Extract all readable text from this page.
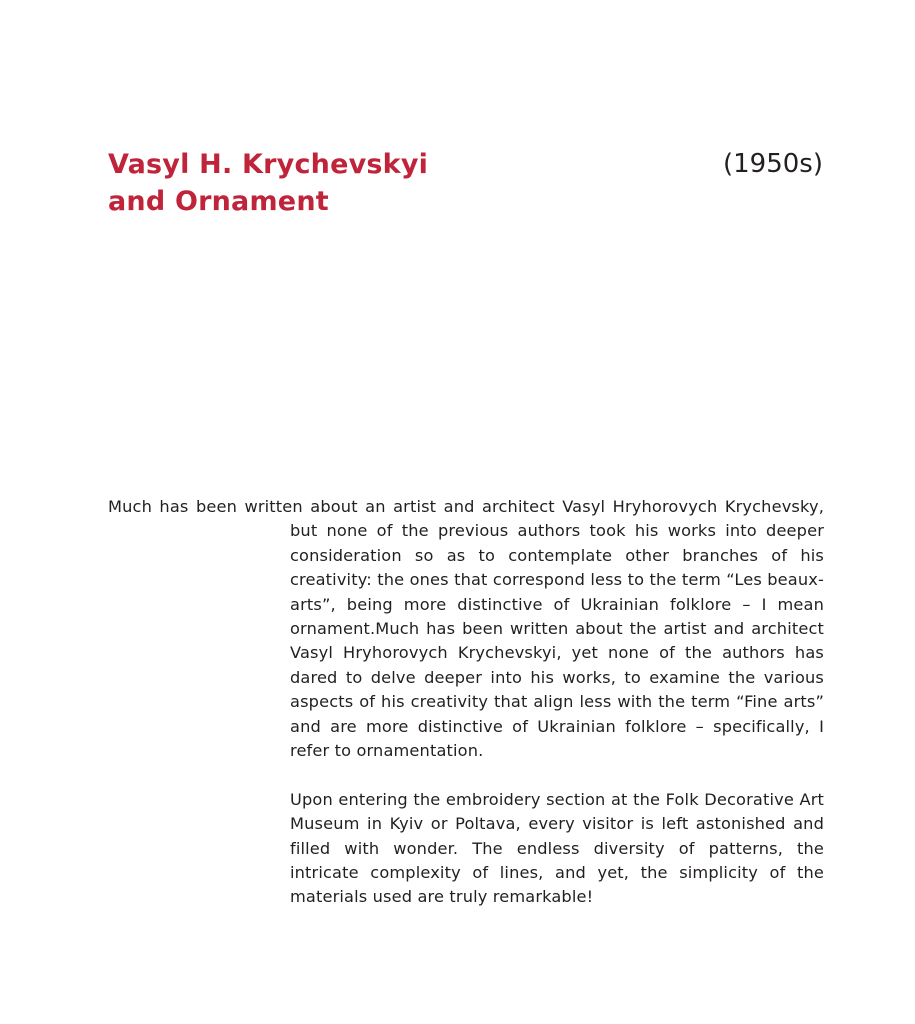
Vasyl H. Krychevskyi
and Ornament
(1950s)

Much has been written about an artist and architect Vasyl Hryhorovych Krychevsky, but none of the previous authors took his works into deeper consideration so as to contemplate other branches of his creativity: the ones that correspond less to the term “Les beaux-arts”, being more distinctive of Ukrainian folklore – I mean ornament.Much has been written about the artist and architect Vasyl Hryhorovych Krychevskyi, yet none of the authors has dared to delve deeper into his works, to examine the various aspects of his creativity that align less with the term “Fine arts” and are more distinctive of Ukrainian folklore – specifically, I refer to ornamentation.

Upon entering the embroidery section at the Folk Decorative Art Museum in Kyiv or Poltava, every visitor is left astonished and filled with wonder. The endless diversity of patterns, the intricate complexity of lines, and yet, the simplicity of the materials used are truly remarkable!
